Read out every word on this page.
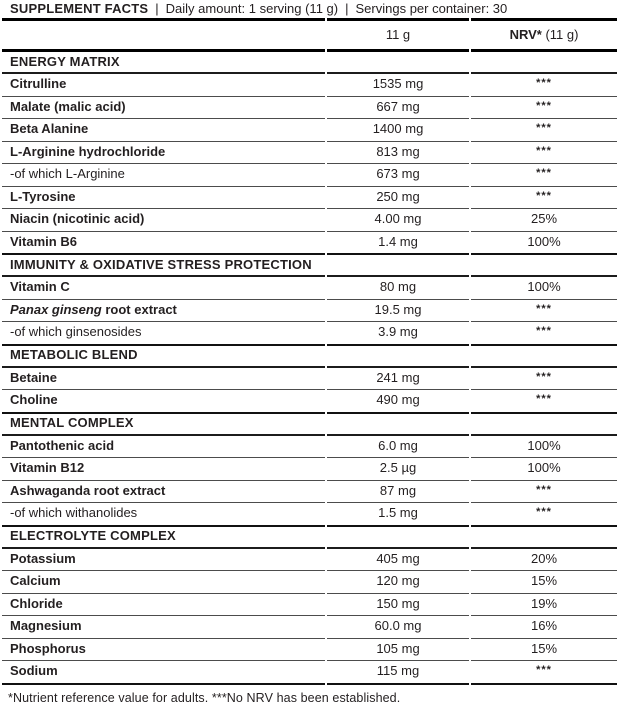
SUPPLEMENT FACTS | Daily amount: 1 serving (11 g) | Servings per container: 30		

	11 g	NRV* (11 g)
ENERGY MATRIX		
Citrulline	1535 mg	***
Malate (malic acid)	667 mg	***
Beta Alanine	1400 mg	***
L-Arginine hydrochloride	813 mg	***
-of which L-Arginine	673 mg	***
L-Tyrosine	250 mg	***
Niacin (nicotinic acid)	4.00 mg	25%
Vitamin B6	1.4 mg	100%
IMMUNITY & OXIDATIVE STRESS PROTECTION		
Vitamin C	80 mg	100%
Panax ginseng root extract	19.5 mg	***
-of which ginsenosides	3.9 mg	***
METABOLIC BLEND		
Betaine	241 mg	***
Choline	490 mg	***
MENTAL COMPLEX		
Pantothenic acid	6.0 mg	100%
Vitamin B12	2.5 µg	100%
Ashwaganda root extract	87 mg	***
-of which withanolides	1.5 mg	***
ELECTROLYTE COMPLEX		
Potassium	405 mg	20%
Calcium	120 mg	15%
Chloride	150 mg	19%
Magnesium	60.0 mg	16%
Phosphorus	105 mg	15%
Sodium	115 mg	***
*Nutrient reference value for adults. ***No NRV has been established.
